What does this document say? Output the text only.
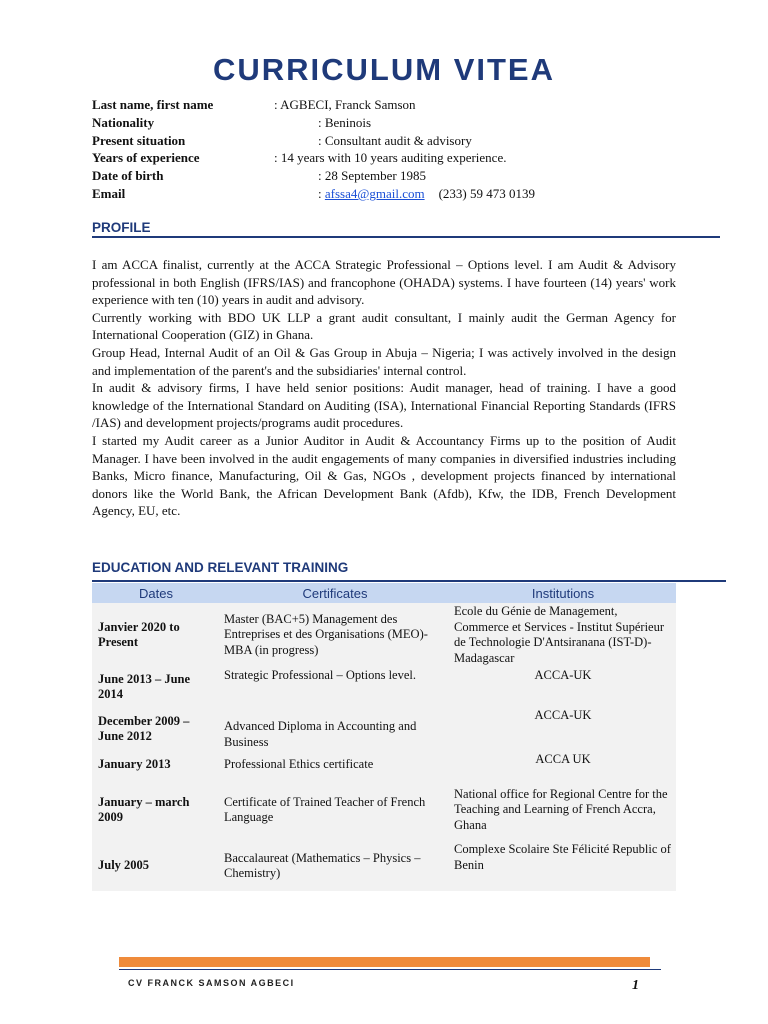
CURRICULUM VITEA
Last name, first name	: AGBECI, Franck Samson
Nationality	: Beninois
Present situation	: Consultant audit & advisory
Years of experience	: 14 years with 10 years auditing experience.
Date of birth	: 28 September 1985
Email	: afssa4@gmail.com (233) 59 473 0139
PROFILE

I am ACCA finalist, currently at the ACCA Strategic Professional – Options level. I am Audit & Advisory professional in both English (IFRS/IAS) and francophone (OHADA) systems. I have fourteen (14) years' work experience with ten (10) years in audit and advisory.

Currently working with BDO UK LLP a grant audit consultant, I mainly audit the German Agency for International Cooperation (GIZ) in Ghana.

Group Head, Internal Audit of an Oil & Gas Group in Abuja – Nigeria; I was actively involved in the design and implementation of the parent's and the subsidiaries' internal control.

In audit & advisory firms, I have held senior positions: Audit manager, head of training. I have a good knowledge of the International Standard on Auditing (ISA), International Financial Reporting Standards (IFRS /IAS) and development projects/programs audit procedures.

I started my Audit career as a Junior Auditor in Audit & Accountancy Firms up to the position of Audit Manager. I have been involved in the audit engagements of many companies in diversified industries including Banks, Micro finance, Manufacturing, Oil & Gas, NGOs , development projects financed by international donors like the World Bank, the African Development Bank (Afdb), Kfw, the IDB, French Development Agency, EU, etc.

EDUCATION AND RELEVANT TRAINING
Dates	Certificates	Institutions
Janvier 2020 to Present	Master (BAC+5) Management des Entreprises et des Organisations (MEO)- MBA (in progress)	Ecole du Génie de Management, Commerce et Services - Institut Supérieur de Technologie D'Antsiranana (IST-D)- Madagascar
June 2013 – June 2014	Strategic Professional – Options level.	ACCA-UK
December 2009 – June 2012	Advanced Diploma in Accounting and Business	ACCA-UK
January 2013	Professional Ethics certificate	ACCA UK
January – march 2009	Certificate of Trained Teacher of French Language	National office for Regional Centre for the Teaching and Learning of French Accra, Ghana
July 2005	Baccalaureat (Mathematics – Physics – Chemistry)	Complexe Scolaire Ste Félicité Republic of Benin
CV FRANCK SAMSON AGBECI	1
